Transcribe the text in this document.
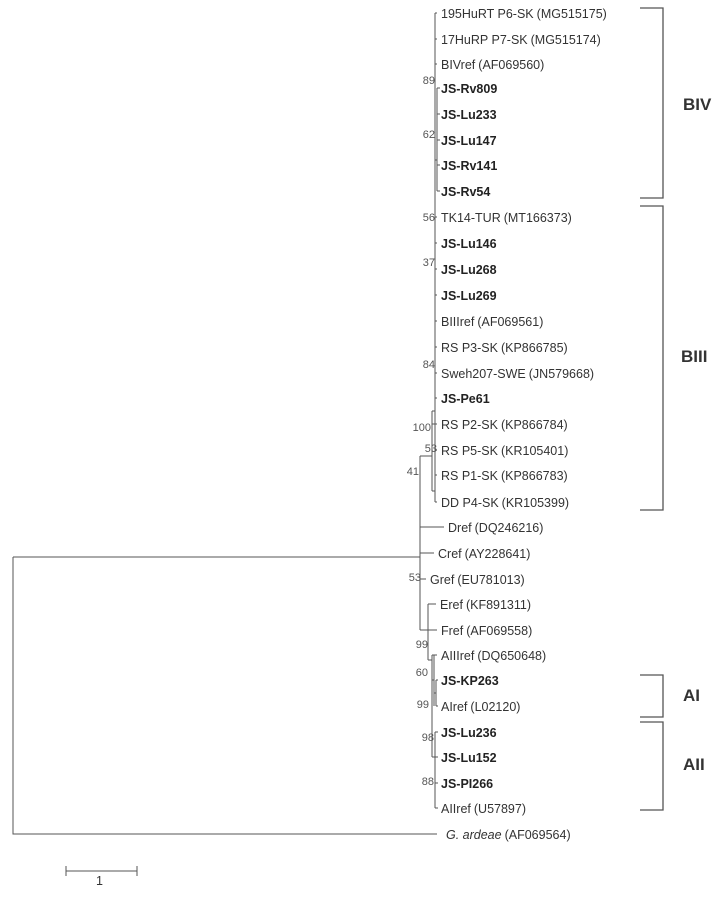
195HuRT P6-SK (MG515175)
17HuRP P7-SK (MG515174)
BIVref (AF069560)
JS-Rv809
JS-Lu233
JS-Lu147
JS-Rv141
JS-Rv54
TK14-TUR (MT166373)
JS-Lu146
JS-Lu268
JS-Lu269
BIIIref (AF069561)
RS P3-SK (KP866785)
Sweh207-SWE (JN579668)
JS-Pe61
RS P2-SK (KP866784)
RS P5-SK (KR105401)
RS P1-SK (KP866783)
DD P4-SK (KR105399)
Dref (DQ246216)
Cref (AY228641)
Gref (EU781013)
Eref (KF891311)
Fref (AF069558)
AIIIref (DQ650648)
JS-KP263
AIref (L02120)
JS-Lu236
JS-Lu152
JS-PI266
AIIref (U57897)
G. ardeae (AF069564)
89
62
56
37
84
100
53
41
53
99
60
99
98
88
BIV
BIII
AI
AII
1
